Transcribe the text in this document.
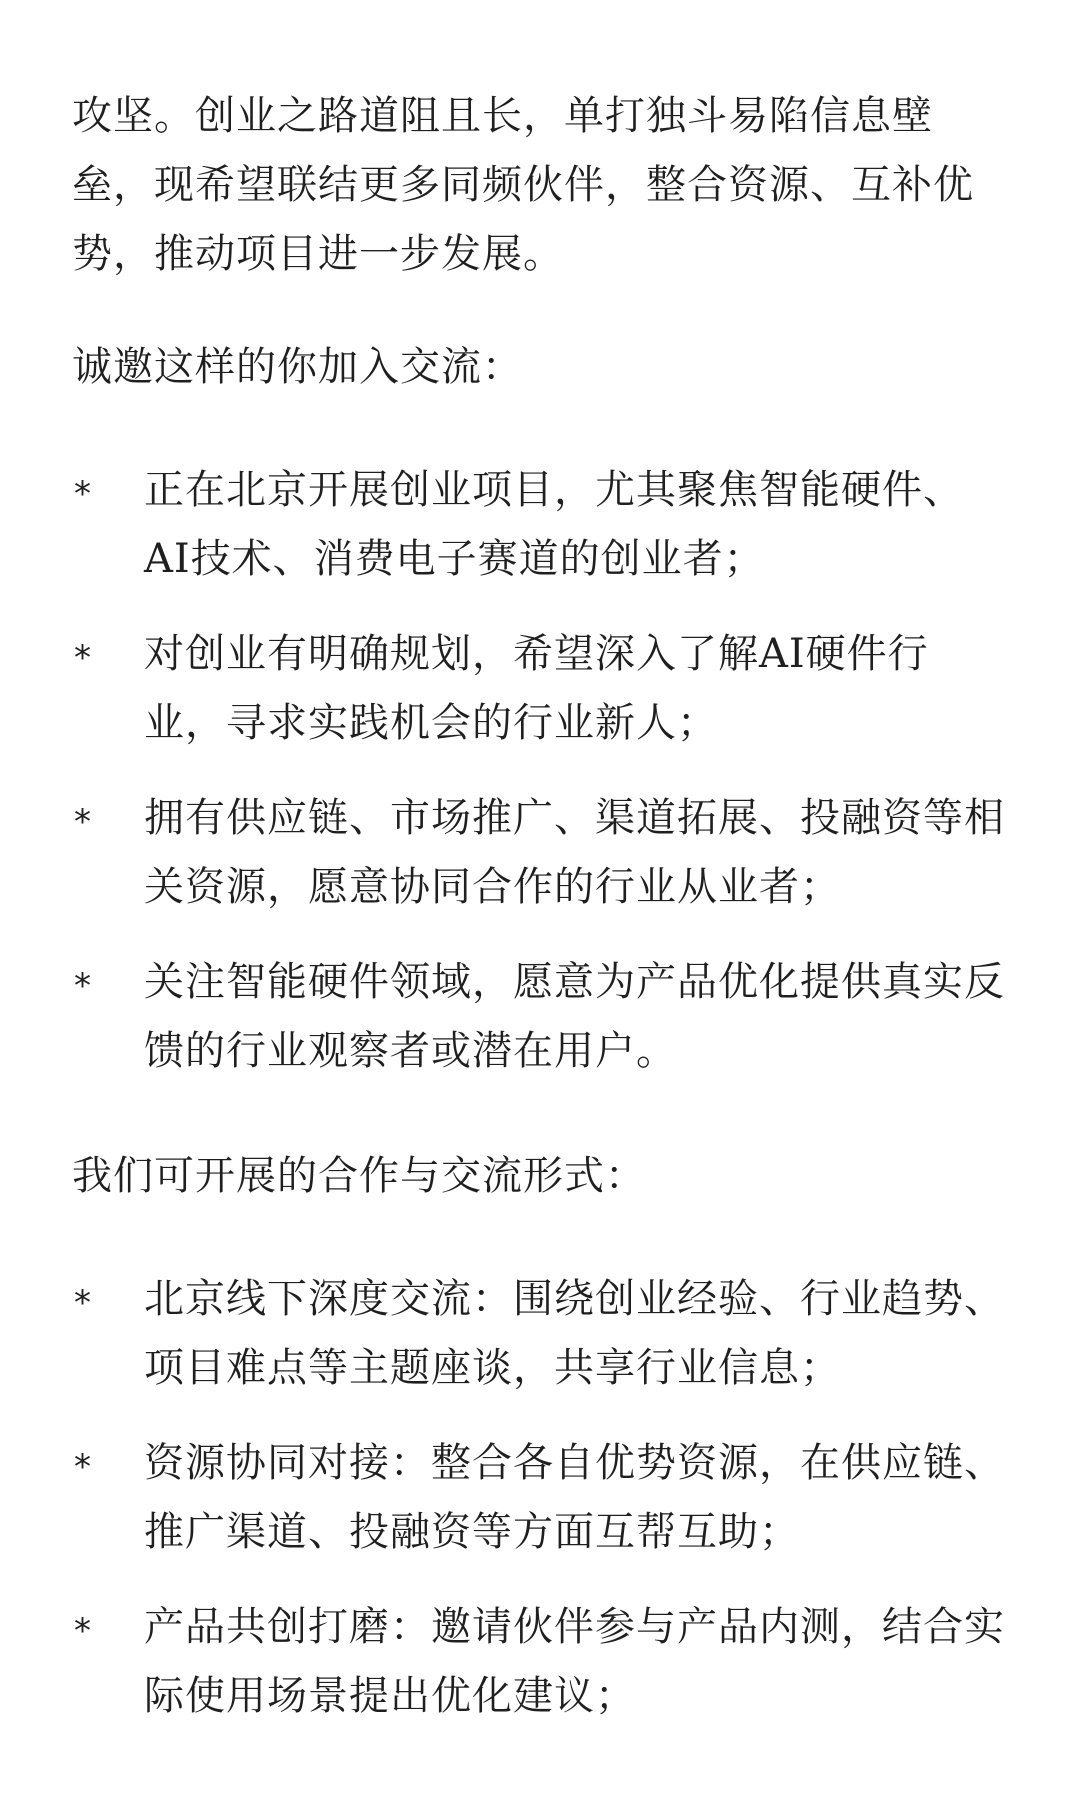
攻坚。创业之路道阻且长，单打独斗易陷信息壁垒，现希望联结更多同频伙伴，整合资源、互补优势，推动项目进一步发展。

诚邀这样的你加入交流：

* 正在北京开展创业项目，尤其聚焦智能硬件、AI技术、消费电子赛道的创业者；
* 对创业有明确规划，希望深入了解AI硬件行业，寻求实践机会的行业新人；
* 拥有供应链、市场推广、渠道拓展、投融资等相关资源，愿意协同合作的行业从业者；
* 关注智能硬件领域，愿意为产品优化提供真实反馈的行业观察者或潜在用户。

我们可开展的合作与交流形式：

* 北京线下深度交流：围绕创业经验、行业趋势、项目难点等主题座谈，共享行业信息；
* 资源协同对接：整合各自优势资源，在供应链、推广渠道、投融资等方面互帮互助；
* 产品共创打磨：邀请伙伴参与产品内测，结合实际使用场景提出优化建议；
